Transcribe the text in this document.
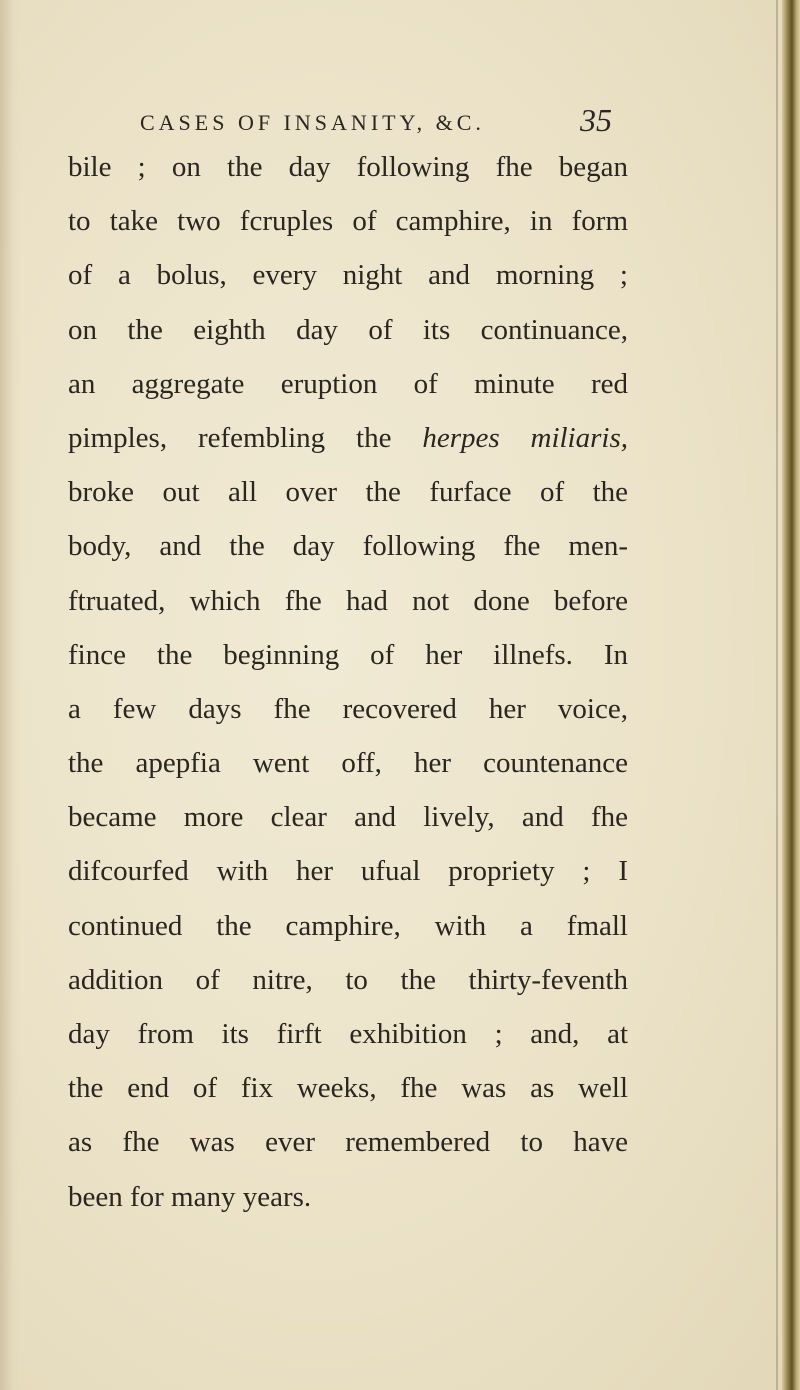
CASES OF INSANITY, &C.	35
bile ; on the day following fhe began
to take two fcruples of camphire, in form
of a bolus, every night and morning ;
on the eighth day of its continuance,
an aggregate eruption of minute red
pimples, refembling the herpes miliaris,
broke out all over the furface of the
body, and the day following fhe men-
ftruated, which fhe had not done before
fince the beginning of her illnefs. In
a few days fhe recovered her voice,
the apepfia went off, her countenance
became more clear and lively, and fhe
difcourfed with her ufual propriety ; I
continued the camphire, with a fmall
addition of nitre, to the thirty-feventh
day from its firft exhibition ; and, at
the end of fix weeks, fhe was as well
as fhe was ever remembered to have
been for many years.
